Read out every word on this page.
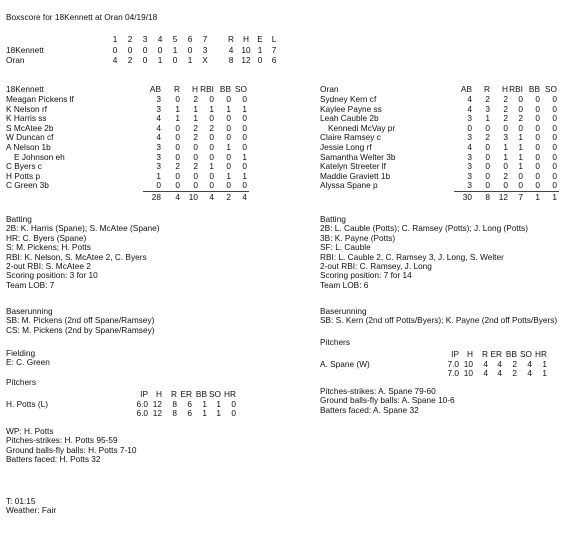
Boxscore for 18Kennett at Oran 04/19/18
1	2	3	4	5	6	7	R	H E	L
18Kennett	0	0	0	0	1	0	3	4 10 1	7
Oran	4	2	0	1	0	1	X	8 12 0	6
18Kennett	AB	R	H RBI BB SO
Meagan Pickens lf	3	0	2	0	0	0
K Nelson rf	3	1	1	1	1	1
K Harris ss	4	1	1	0	0	0
S McAtee 2b	4	0	2	2	0	0
W Duncan cf	4	0	2	0	0	0
A Nelson 1b	3	0	0	0	1	0
E Johnson eh	3	0	0	0	0	1
C Byers c	3	2	2	1	0	0
H Potts p	1	0	0	0	1	1
C Green 3b	0	0	0	0	0	0
28	4	10	4	2	4
Oran	AB	R	H RBI BB SO
Sydney Kern cf	4	2	2	0	0	0
Kaylee Payne ss	4	3	2	0	0	0
Leah Cauble 2b	3	1	2	2	0	0
Kennedi McVay pr	0	0	0	0	0	0
Claire Ramsey c	3	2	3	1	0	0
Jessie Long rf	4	0	1	1	0	0
Samantha Welter 3b	3	0	1	1	0	0
Katelyn Streeter lf	3	0	0	1	0	0
Maddie Graviett 1b	3	0	2	0	0	0
Alyssa Spane p	3	0	0	0	0	0
30	8	12	7	1	1
Batting
2B: K. Harris (Spane); S. McAtee (Spane)
HR: C. Byers (Spane)
S: M. Pickens; H. Potts
RBI: K. Nelson, S. McAtee 2, C. Byers
2-out RBI: S. McAtee 2
Scoring position: 3 for 10
Team LOB: 7
Batting
2B: L. Cauble (Potts); C. Ramsey (Potts); J. Long (Potts)
3B: K. Payne (Potts)
SF: L. Cauble
RBI: L. Cauble 2, C. Ramsey 3, J. Long, S. Welter
2-out RBI: C. Ramsey, J. Long
Scoring position: 7 for 14
Team LOB: 6
Baserunning
SB: M. Pickens (2nd off Spane/Ramsey)
CS: M. Pickens (2nd by Spane/Ramsey)
Baserunning
SB: S. Kern (2nd off Potts/Byers); K. Payne (2nd off Potts/Byers)
Fielding
E: C. Green
Pitchers
IP H	R ER BB SO HR
H. Potts (L)	6.0 12	8	6	1	1	0
6.0 12	8	6	1	1	0
Pitchers
IP H	R ER BB SO HR
A. Spane (W)	7.0 10	4	4	2	4	1
7.0 10	4	4	2	4	1
WP: H. Potts
Pitches-strikes: H. Potts 95-59
Ground balls-fly balls: H. Potts 7-10
Batters faced: H. Potts 32
Pitches-strikes: A. Spane 79-60
Ground balls-fly balls: A. Spane 10-6
Batters faced: A. Spane 32
T: 01:15
Weather: Fair
